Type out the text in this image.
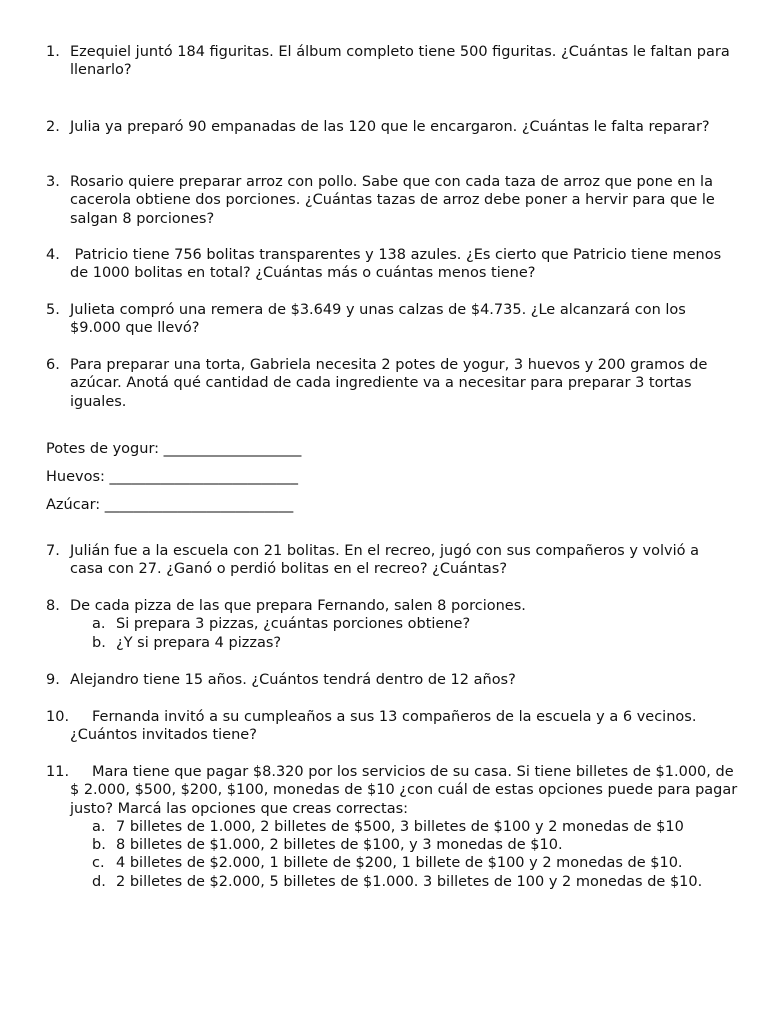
1. Ezequiel juntó 184 figuritas. El álbum completo tiene 500 figuritas. ¿Cuántas le faltan para llenarlo?
2. Julia ya preparó 90 empanadas de las 120 que le encargaron. ¿Cuántas le falta reparar?
3. Rosario quiere preparar arroz con pollo. Sabe que con cada taza de arroz que pone en la cacerola obtiene dos porciones. ¿Cuántas tazas de arroz debe poner a hervir para que le salgan 8 porciones?
4. Patricio tiene 756 bolitas transparentes y 138 azules. ¿Es cierto que Patricio tiene menos de 1000 bolitas en total? ¿Cuántas más o cuántas menos tiene?
5. Julieta compró una remera de $3.649 y unas calzas de $4.735. ¿Le alcanzará con los $9.000 que llevó?
6. Para preparar una torta, Gabriela necesita 2 potes de yogur, 3 huevos y 200 gramos de azúcar. Anotá qué cantidad de cada ingrediente va a necesitar para preparar 3 tortas iguales.
Potes de yogur: ___________________
Huevos: __________________________
Azúcar: __________________________
7. Julián fue a la escuela con 21 bolitas. En el recreo, jugó con sus compañeros y volvió a casa con 27. ¿Ganó o perdió bolitas en el recreo? ¿Cuántas?
8. De cada pizza de las que prepara Fernando, salen 8 porciones.
a. Si prepara 3 pizzas, ¿cuántas porciones obtiene?
b. ¿Y si prepara 4 pizzas?
9. Alejandro tiene 15 años. ¿Cuántos tendrá dentro de 12 años?
10.	Fernanda invitó a su cumpleaños a sus 13 compañeros de la escuela y a 6 vecinos. ¿Cuántos invitados tiene?
11.	Mara tiene que pagar $8.320 por los servicios de su casa. Si tiene billetes de $1.000, de $ 2.000, $500, $200, $100, monedas de $10 ¿con cuál de estas opciones puede para pagar justo? Marcá las opciones que creas correctas:
a. 7 billetes de 1.000, 2 billetes de $500, 3 billetes de $100 y 2 monedas de $10
b. 8 billetes de $1.000, 2 billetes de $100, y 3 monedas de $10.
c. 4 billetes de $2.000, 1 billete de $200, 1 billete de $100 y 2 monedas de $10.
d. 2 billetes de $2.000, 5 billetes de $1.000. 3 billetes de 100 y 2 monedas de $10.
